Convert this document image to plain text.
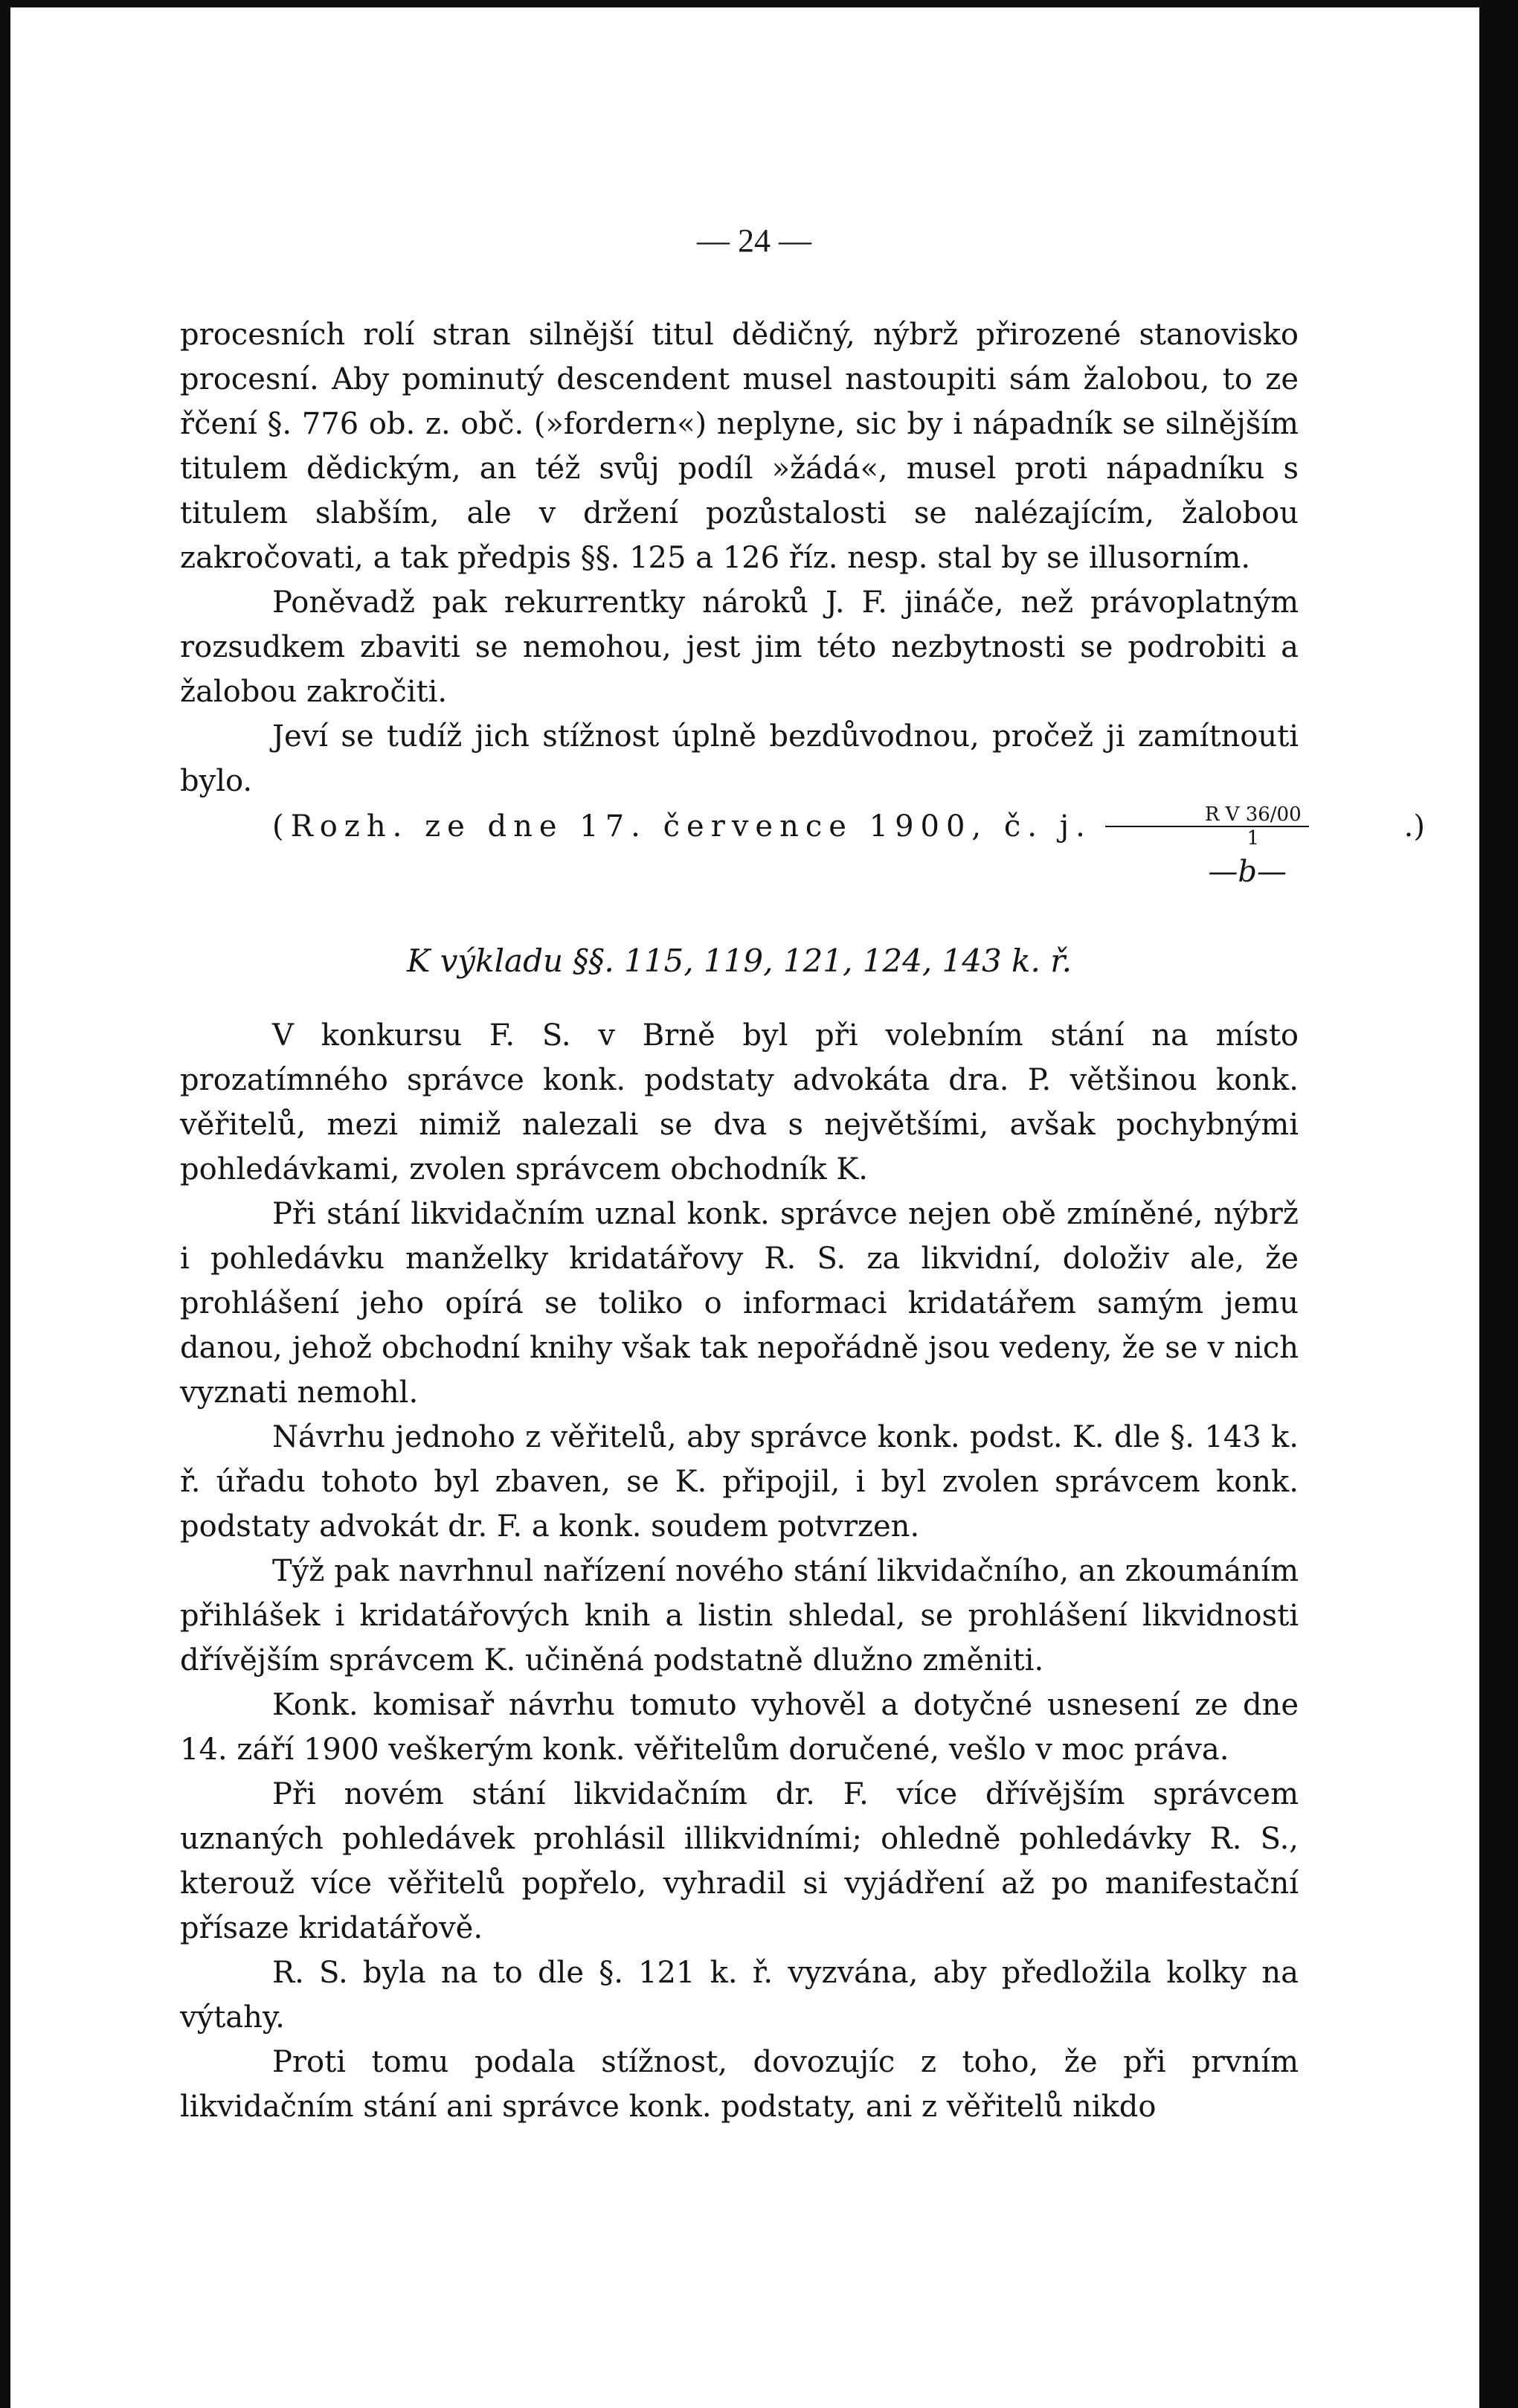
— 24 —

procesních rolí stran silnější titul dědičný, nýbrž přirozené stanovisko procesní. Aby pominutý descendent musel nastoupiti sám žalobou, to ze řčení §. 776 ob. z. obč. (»fordern«) neplyne, sic by i nápadník se silnějším titulem dědickým, an též svůj podíl »žádá«, musel proti nápadníku s titulem slabším, ale v držení pozůstalosti se nalézajícím, žalobou zakročovati, a tak předpis §§. 125 a 126 říz. nesp. stal by se illusorním.

Poněvadž pak rekurrentky nároků J. F. jináče, než právoplatným rozsudkem zbaviti se nemohou, jest jim této nezbytnosti se podrobiti a žalobou zakročiti.

Jeví se tudíž jich stížnost úplně bezdůvodnou, pročež ji zamítnouti bylo.

(Rozh. ze dne 17. července 1900, č. j. $\frac{\text{R V 36/00}}{1}$	.)

—b—

K výkladu §§. 115, 119, 121, 124, 143 k. ř.

V konkursu F. S. v Brně byl při volebním stání na místo prozatímného správce konk. podstaty advokáta dra. P. většinou konk. věřitelů, mezi nimiž nalezali se dva s největšími, avšak pochybnými pohledávkami, zvolen správcem obchodník K.

Při stání likvidačním uznal konk. správce nejen obě zmíněné, nýbrž i pohledávku manželky kridatářovy R. S. za likvidní, doloživ ale, že prohlášení jeho opírá se toliko o informaci kridatářem samým jemu danou, jehož obchodní knihy však tak nepořádně jsou vedeny, že se v nich vyznati nemohl.

Návrhu jednoho z věřitelů, aby správce konk. podst. K. dle §. 143 k. ř. úřadu tohoto byl zbaven, se K. připojil, i byl zvolen správcem konk. podstaty advokát dr. F. a konk. soudem potvrzen.

Týž pak navrhnul nařízení nového stání likvidačního, an zkoumáním přihlášek i kridatářových knih a listin shledal, se prohlášení likvidnosti dřívějším správcem K. učiněná podstatně dlužno změniti.

Konk. komisař návrhu tomuto vyhověl a dotyčné usnesení ze dne 14. září 1900 veškerým konk. věřitelům doručené, vešlo v moc práva.

Při novém stání likvidačním dr. F. více dřívějším správcem uznaných pohledávek prohlásil illikvidními; ohledně pohledávky R. S., kterouž více věřitelů popřelo, vyhradil si vyjádření až po manifestační přísaze kridatářově.

R. S. byla na to dle §. 121 k. ř. vyzvána, aby předložila kolky na výtahy.

Proti tomu podala stížnost, dovozujíc z toho, že při prvním likvidačním stání ani správce konk. podstaty, ani z věřitelů nikdo
